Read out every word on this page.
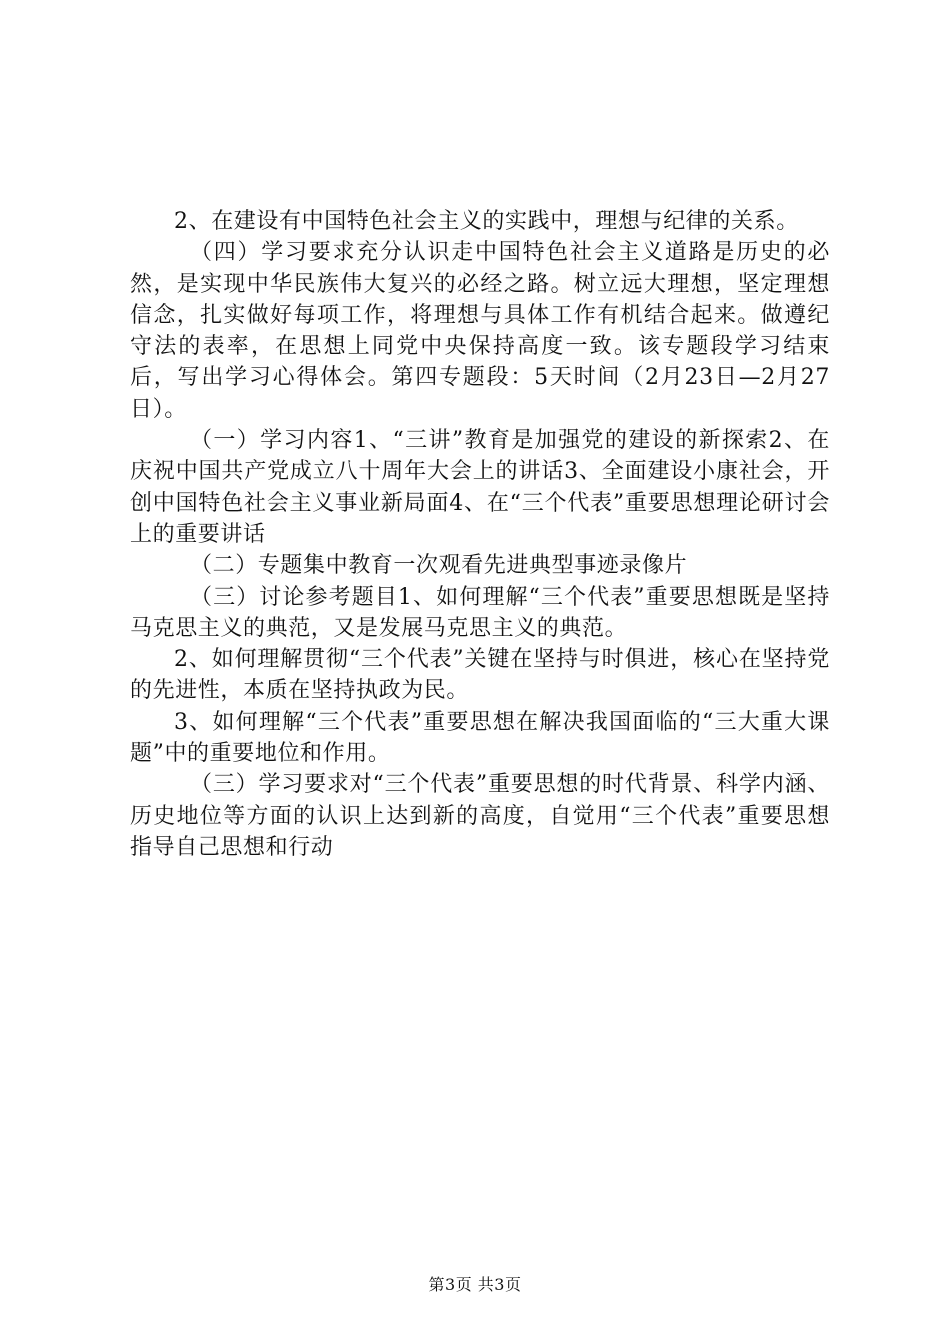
2、在建设有中国特色社会主义的实践中，理想与纪律的关系。

（四）学习要求充分认识走中国特色社会主义道路是历史的必然，是实现中华民族伟大复兴的必经之路。树立远大理想，坚定理想信念，扎实做好每项工作，将理想与具体工作有机结合起来。做遵纪守法的表率，在思想上同党中央保持高度一致。该专题段学习结束后，写出学习心得体会。第四专题段：5天时间（2月23日—2月27日）。

（一）学习内容1、“三讲”教育是加强党的建设的新探索2、在庆祝中国共产党成立八十周年大会上的讲话3、全面建设小康社会，开创中国特色社会主义事业新局面4、在“三个代表”重要思想理论研讨会上的重要讲话

（二）专题集中教育一次观看先进典型事迹录像片

（三）讨论参考题目1、如何理解“三个代表”重要思想既是坚持马克思主义的典范，又是发展马克思主义的典范。

2、如何理解贯彻“三个代表”关键在坚持与时俱进，核心在坚持党的先进性，本质在坚持执政为民。

3、如何理解“三个代表”重要思想在解决我国面临的“三大重大课题”中的重要地位和作用。

（三）学习要求对“三个代表”重要思想的时代背景、科学内涵、历史地位等方面的认识上达到新的高度，自觉用“三个代表”重要思想指导自己思想和行动

第3页 共3页
